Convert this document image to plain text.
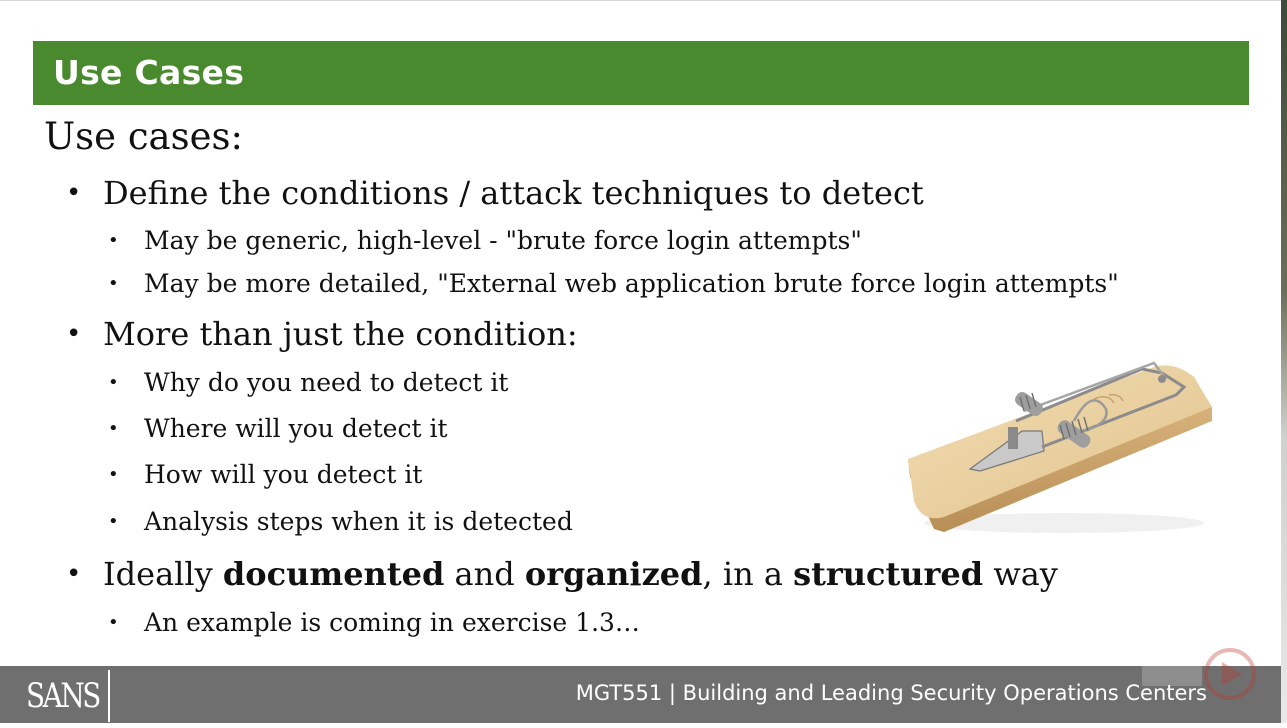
Use Cases
Use cases:
• Define the conditions / attack techniques to detect
• May be generic, high-level - "brute force login attempts"
• May be more detailed, "External web application brute force login attempts"
• More than just the condition:
• Why do you need to detect it
• Where will you detect it
• How will you detect it
• Analysis steps when it is detected
• Ideally documented and organized, in a structured way
• An example is coming in exercise 1.3…
SANS	MGT551 | Building and Leading Security Operations Centers
